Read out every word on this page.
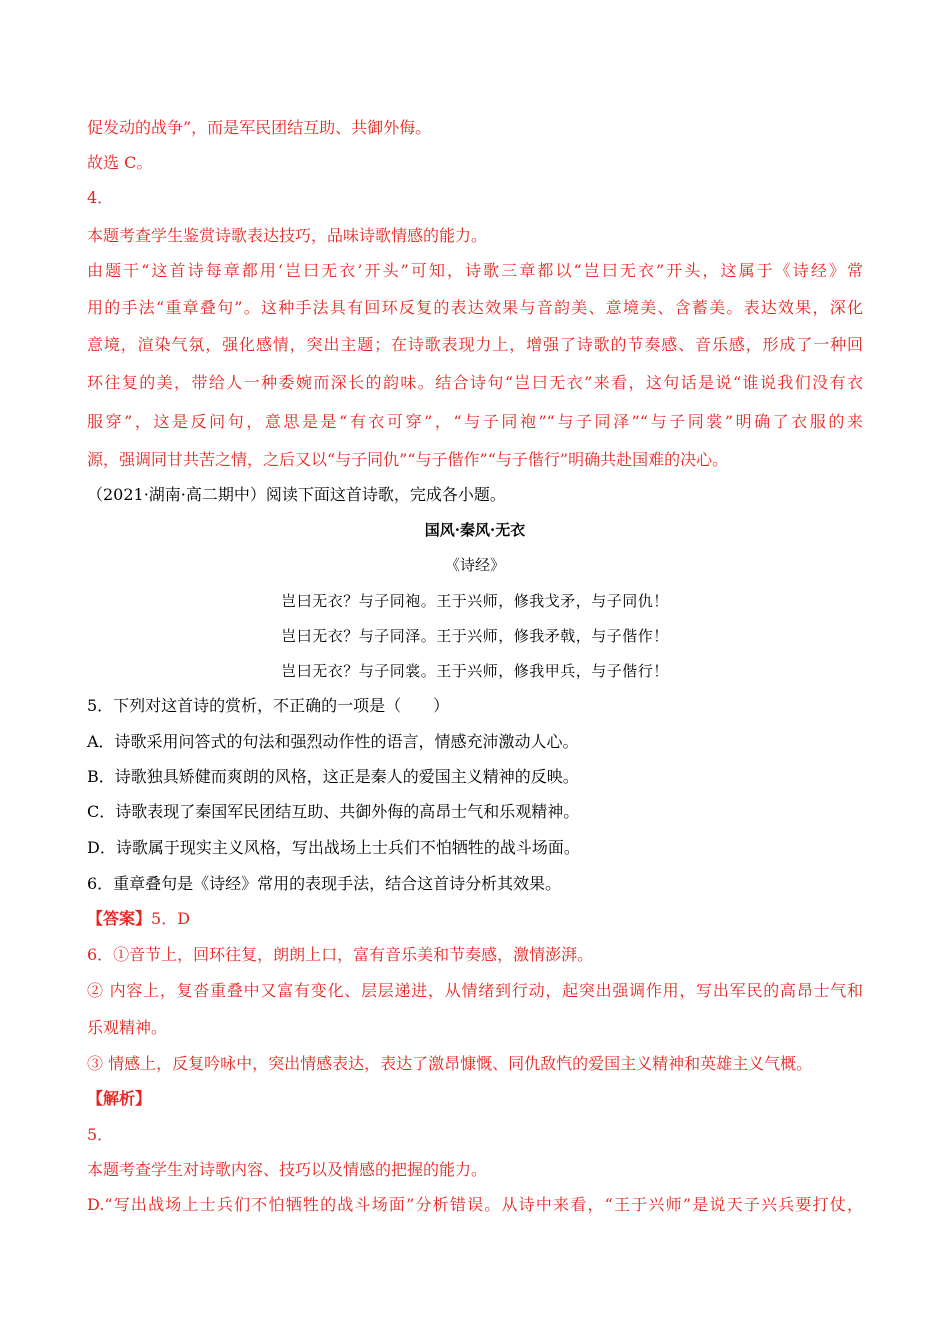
促发动的战争”，而是军民团结互助、共御外侮。
故选 C。
4．
本题考查学生鉴赏诗歌表达技巧，品味诗歌情感的能力。
由题干“这首诗每章都用‘岂曰无衣’开头”可知，诗歌三章都以“岂曰无衣”开头，这属于《诗经》常
用的手法“重章叠句”。这种手法具有回环反复的表达效果与音韵美、意境美、含蓄美。表达效果，深化
意境，渲染气氛，强化感情，突出主题；在诗歌表现力上，增强了诗歌的节奏感、音乐感，形成了一种回
环往复的美，带给人一种委婉而深长的韵味。结合诗句“岂曰无衣”来看，这句话是说“谁说我们没有衣
服穿”，这是反问句，意思是是“有衣可穿”，“与子同袍”“与子同泽”“与子同裳”明确了衣服的来
源，强调同甘共苦之情，之后又以“与子同仇”“与子偕作”“与子偕行”明确共赴国难的决心。
（2021·湖南·高二期中）阅读下面这首诗歌，完成各小题。
国风·秦风·无衣
《诗经》
岂曰无衣？与子同袍。王于兴师，修我戈矛，与子同仇！
岂曰无衣？与子同泽。王于兴师，修我矛戟，与子偕作！
岂曰无衣？与子同裳。王于兴师，修我甲兵，与子偕行！
5．下列对这首诗的赏析，不正确的一项是（　　）
A．诗歌采用问答式的句法和强烈动作性的语言，情感充沛激动人心。
B．诗歌独具矫健而爽朗的风格，这正是秦人的爱国主义精神的反映。
C．诗歌表现了秦国军民团结互助、共御外侮的高昂士气和乐观精神。
D．诗歌属于现实主义风格，写出战场上士兵们不怕牺牲的战斗场面。
6．重章叠句是《诗经》常用的表现手法，结合这首诗分析其效果。
【答案】5．D
6．①音节上，回环往复，朗朗上口，富有音乐美和节奏感，激情澎湃。
② 内容上，复沓重叠中又富有变化、层层递进，从情绪到行动，起突出强调作用，写出军民的高昂士气和
乐观精神。
③ 情感上，反复吟咏中，突出情感表达，表达了激昂慷慨、同仇敌忾的爱国主义精神和英雄主义气概。
【解析】
5．
本题考查学生对诗歌内容、技巧以及情感的把握的能力。
D.“写出战场上士兵们不怕牺牲的战斗场面”分析错误。从诗中来看，“王于兴师”是说天子兴兵要打仗，
